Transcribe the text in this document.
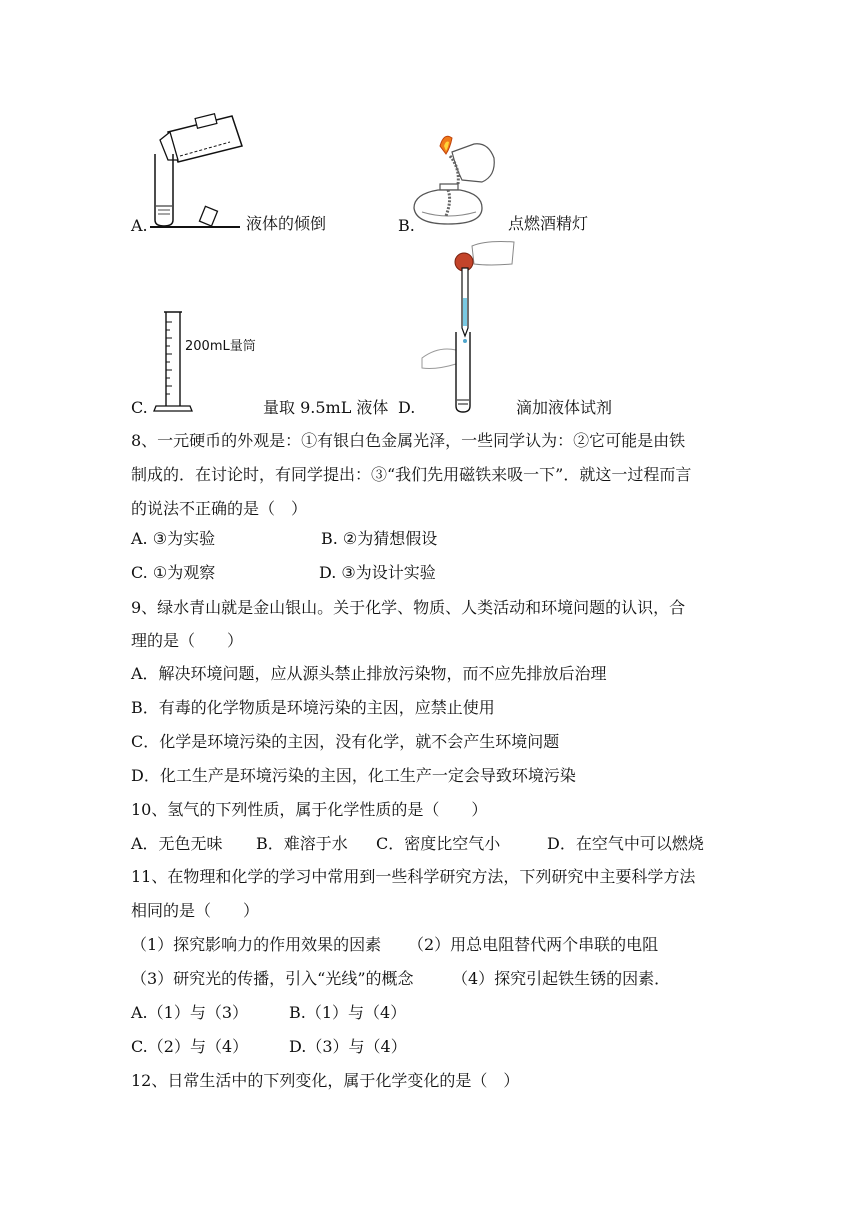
200mL量筒
A.	液体的倾倒	B.	点燃酒精灯
C.	量取 9.5mL 液体 D.	滴加液体试剂
8、一元硬币的外观是：①有银白色金属光泽，一些同学认为：②它可能是由铁
制成的．在讨论时，有同学提出：③“我们先用磁铁来吸一下”．就这一过程而言
的说法不正确的是（　）
A. ③为实验	B. ②为猜想假设
C. ①为观察	D. ③为设计实验
9、绿水青山就是金山银山。关于化学、物质、人类活动和环境问题的认识，合
理的是（　　）
A．解决环境问题，应从源头禁止排放污染物，而不应先排放后治理
B．有毒的化学物质是环境污染的主因，应禁止使用
C．化学是环境污染的主因，没有化学，就不会产生环境问题
D．化工生产是环境污染的主因，化工生产一定会导致环境污染
10、氢气的下列性质，属于化学性质的是（　　）
A．无色无味 B．难溶于水 C．密度比空气小	D．在空气中可以燃烧
11、在物理和化学的学习中常用到一些科学研究方法，下列研究中主要科学方法
相同的是（　　）
（1）探究影响力的作用效果的因素 （2）用总电阻替代两个串联的电阻
（3）研究光的传播，引入“光线”的概念 （4）探究引起铁生锈的因素．
A.（1）与（3）	B.（1）与（4）
C.（2）与（4）	D.（3）与（4）
12、日常生活中的下列变化，属于化学变化的是（　）
